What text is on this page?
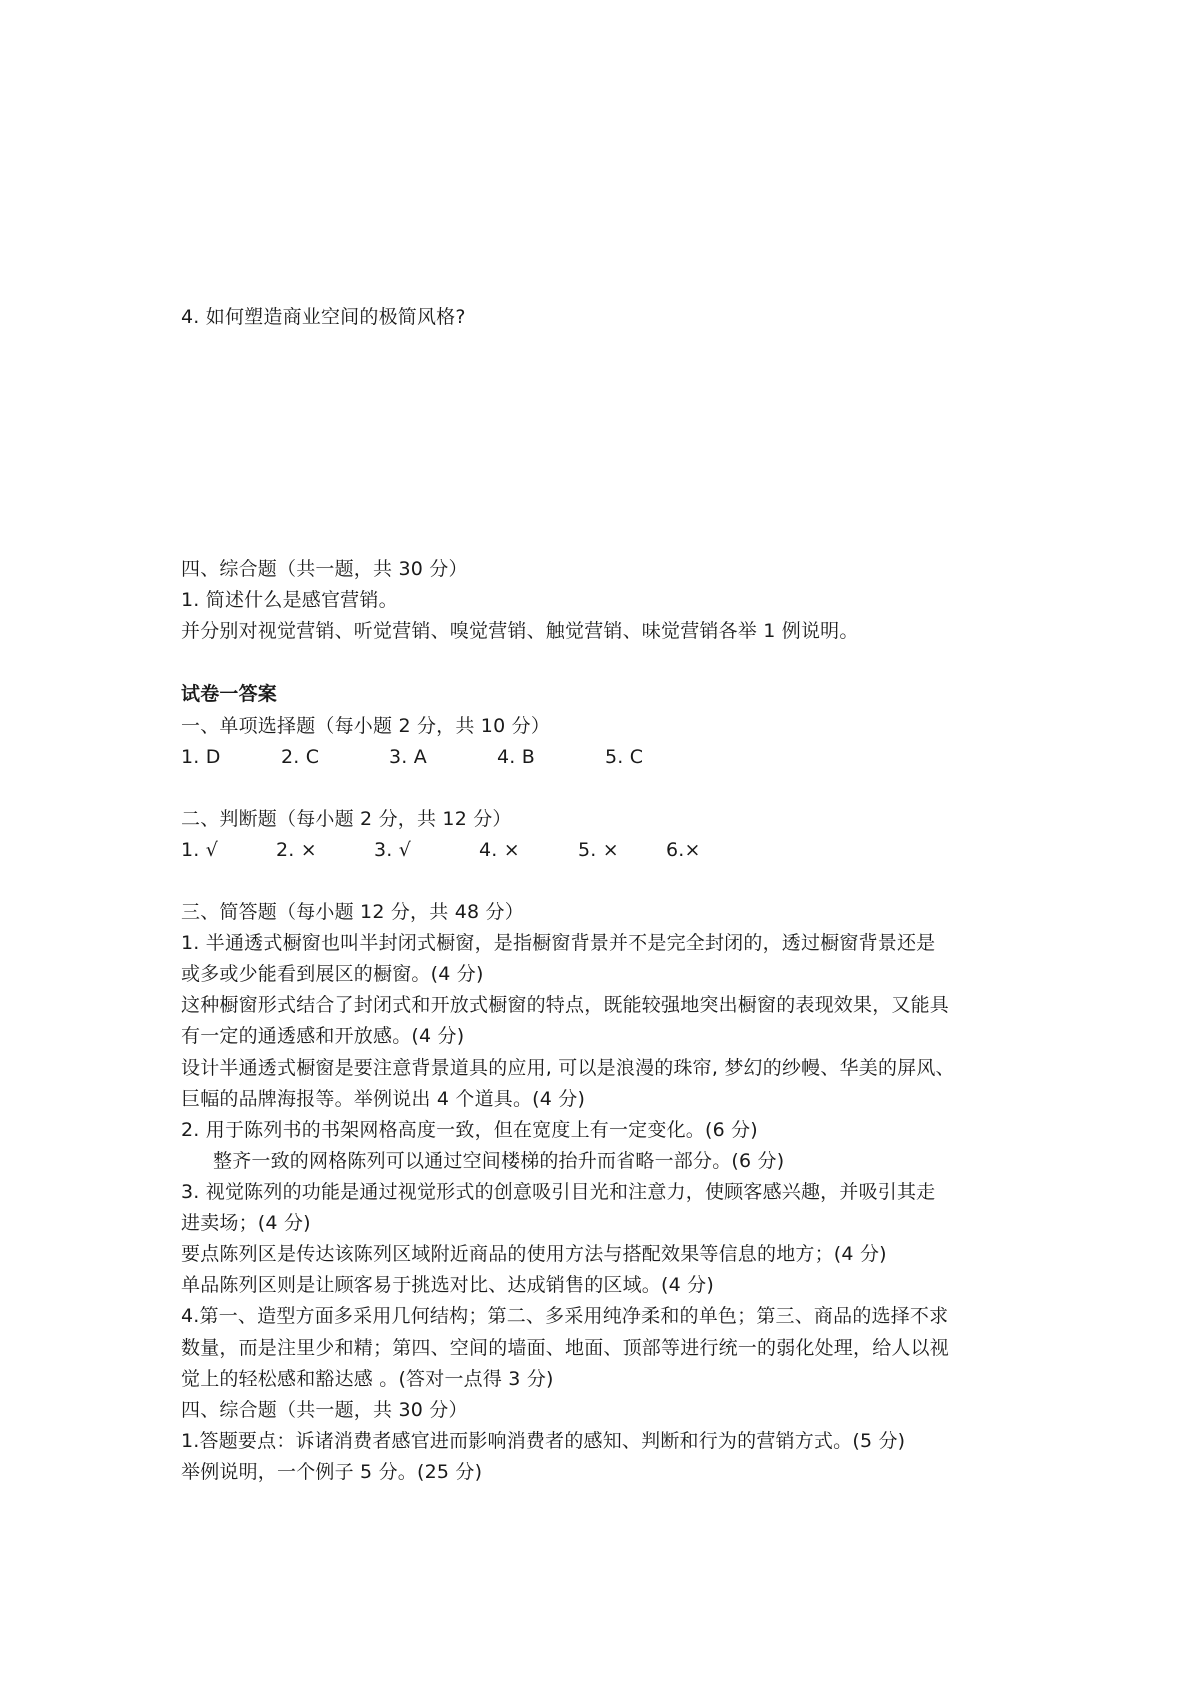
4. 如何塑造商业空间的极简风格?
四、综合题（共一题，共 30 分）
1. 简述什么是感官营销。
并分别对视觉营销、听觉营销、嗅觉营销、触觉营销、味觉营销各举 1 例说明。
试卷一答案
一、单项选择题（每小题 2 分，共 10 分）
1. D	2. C	3. A	4. B	5. C
二、判断题（每小题 2 分，共 12 分）
1. √	2. ×	3. √	4. ×	5. × 6.×
三、简答题（每小题 12 分，共 48 分）
1. 半通透式橱窗也叫半封闭式橱窗，是指橱窗背景并不是完全封闭的，透过橱窗背景还是
或多或少能看到展区的橱窗。(4 分)
这种橱窗形式结合了封闭式和开放式橱窗的特点，既能较强地突出橱窗的表现效果，又能具
有一定的通透感和开放感。(4 分)
设计半通透式橱窗是要注意背景道具的应用, 可以是浪漫的珠帘, 梦幻的纱幔、华美的屏风、
巨幅的品牌海报等。举例说出 4 个道具。(4 分)
2. 用于陈列书的书架网格高度一致，但在宽度上有一定变化。(6 分)
整齐一致的网格陈列可以通过空间楼梯的抬升而省略一部分。(6 分)
3. 视觉陈列的功能是通过视觉形式的创意吸引目光和注意力，使顾客感兴趣，并吸引其走
进卖场；(4 分)
要点陈列区是传达该陈列区域附近商品的使用方法与搭配效果等信息的地方；(4 分)
单品陈列区则是让顾客易于挑选对比、达成销售的区域。(4 分)
4.第一、造型方面多采用几何结构；第二、多采用纯净柔和的单色；第三、商品的选择不求
数量，而是注里少和精；第四、空间的墙面、地面、顶部等进行统一的弱化处理，给人以视
觉上的轻松感和豁达感 。(答对一点得 3 分)
四、综合题（共一题，共 30 分）
1.答题要点：诉诸消费者感官进而影响消费者的感知、判断和行为的营销方式。(5 分)
举例说明，一个例子 5 分。(25 分)
